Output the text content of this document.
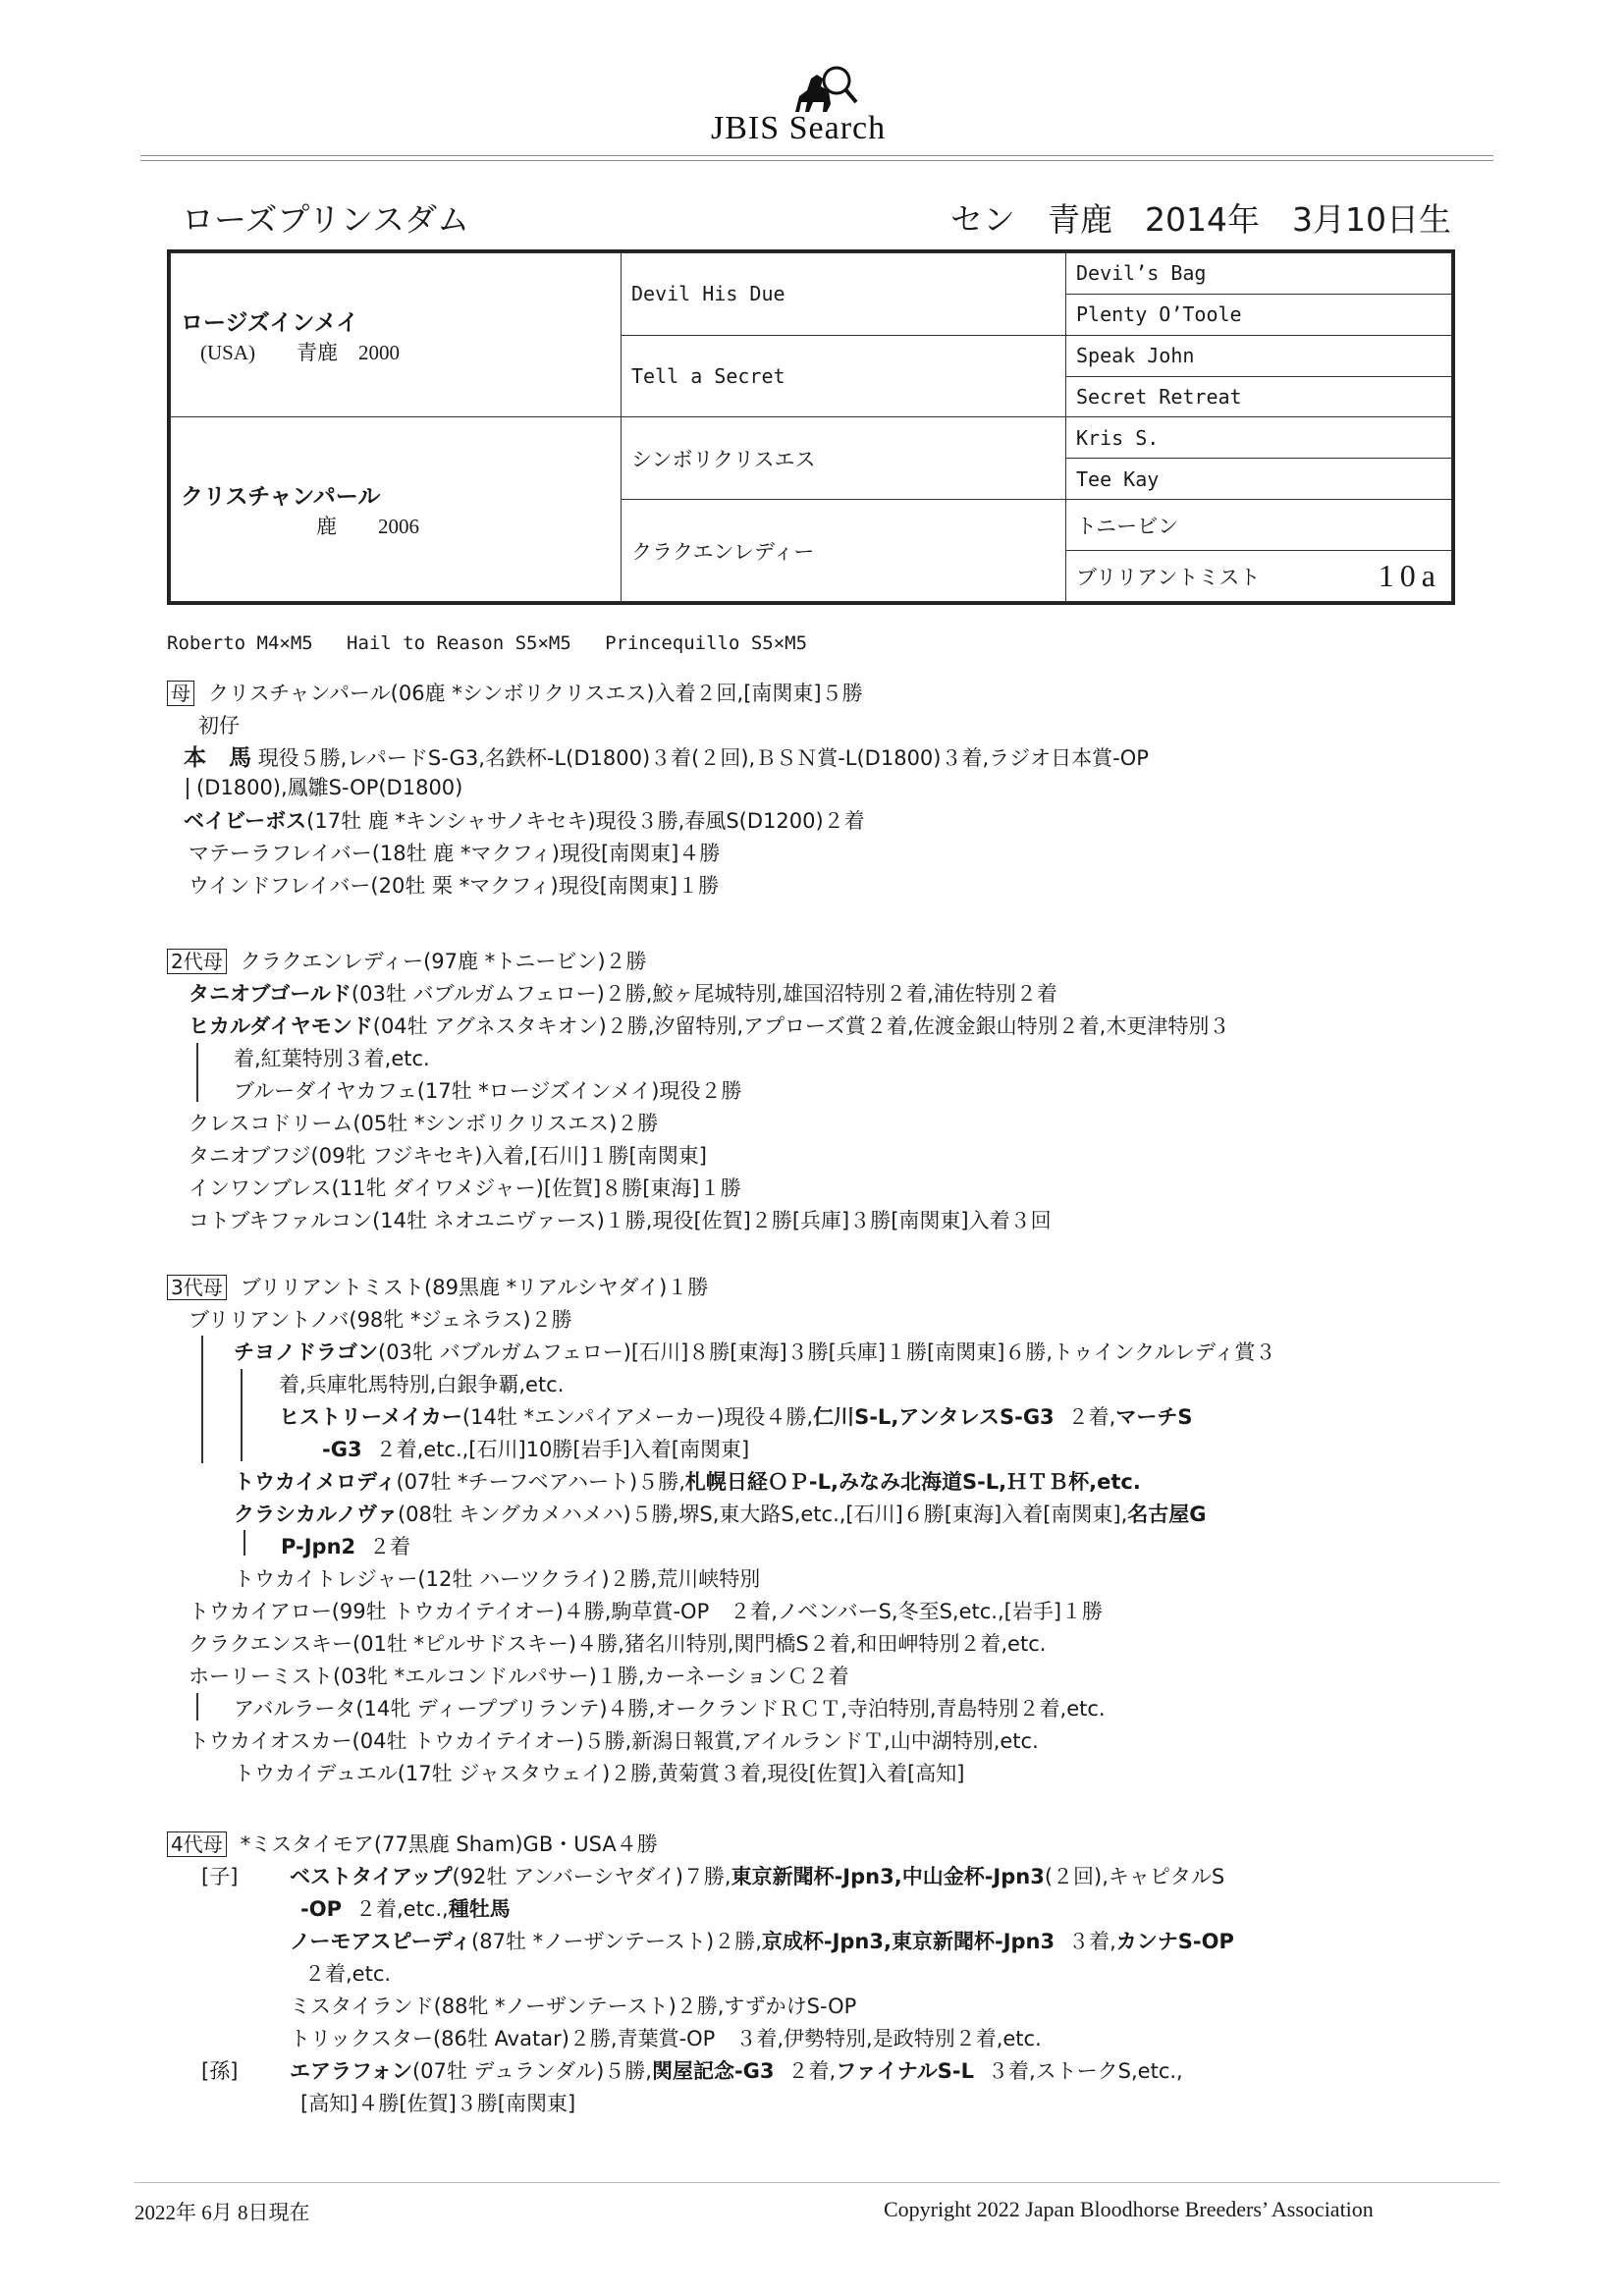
JBIS Search
ローズプリンスダム	セン　青鹿　2014年　3月10日生
ロージズインメイ
(USA)　　青鹿　2000	Devil His Due	Devil’s Bag
		Plenty O’Toole
	Tell a Secret	Speak John
		Secret Retreat

クリスチャンパール
鹿　　2006	シンボリクリスエス	Kris S.
		Tee Kay
	クラクエンレディー	トニービン
		ブリリアントミスト 10a
Roberto M4×M5   Hail to Reason S5×M5   Princequillo S5×M5
母 クリスチャンパール(06鹿 *シンボリクリスエス)入着２回,[南関東]５勝
初仔
本　馬 現役５勝,レパードS-G3,名鉄杯-L(D1800)３着(２回),ＢＳＮ賞-L(D1800)３着,ラジオ日本賞-OP
(D1800),鳳雛S-OP(D1800)
ベイビーボス(17牡 鹿 *キンシャサノキセキ)現役３勝,春風S(D1200)２着
マテーラフレイバー(18牡 鹿 *マクフィ)現役[南関東]４勝
ウインドフレイバー(20牡 栗 *マクフィ)現役[南関東]１勝
2代母 クラクエンレディー(97鹿 *トニービン)２勝
タニオブゴールド(03牡 バブルガムフェロー)２勝,鮫ヶ尾城特別,雄国沼特別２着,浦佐特別２着
ヒカルダイヤモンド(04牡 アグネスタキオン)２勝,汐留特別,アプローズ賞２着,佐渡金銀山特別２着,木更津特別３
着,紅葉特別３着,etc.
ブルーダイヤカフェ(17牡 *ロージズインメイ)現役２勝
クレスコドリーム(05牡 *シンボリクリスエス)２勝
タニオブフジ(09牝 フジキセキ)入着,[石川]１勝[南関東]
インワンブレス(11牝 ダイワメジャー)[佐賀]８勝[東海]１勝
コトブキファルコン(14牡 ネオユニヴァース)１勝,現役[佐賀]２勝[兵庫]３勝[南関東]入着３回
3代母 ブリリアントミスト(89黒鹿 *リアルシヤダイ)１勝
ブリリアントノバ(98牝 *ジェネラス)２勝
チヨノドラゴン(03牝 バブルガムフェロー)[石川]８勝[東海]３勝[兵庫]１勝[南関東]６勝,トゥインクルレディ賞３
着,兵庫牝馬特別,白銀争覇,etc.
ヒストリーメイカー(14牡 *エンパイアメーカー)現役４勝,仁川S-L,アンタレスS-G3 ２着,マーチS
-G3 ２着,etc.,[石川]10勝[岩手]入着[南関東]
トウカイメロディ(07牡 *チーフベアハート)５勝,札幌日経ＯＰ-L,みなみ北海道S-L,ＨＴＢ杯,etc.
クラシカルノヴァ(08牡 キングカメハメハ)５勝,堺S,東大路S,etc.,[石川]６勝[東海]入着[南関東],名古屋G
P-Jpn2 ２着
トウカイトレジャー(12牡 ハーツクライ)２勝,荒川峡特別
トウカイアロー(99牡 トウカイテイオー)４勝,駒草賞-OP　２着,ノベンバーS,冬至S,etc.,[岩手]１勝
クラクエンスキー(01牡 *ピルサドスキー)４勝,猪名川特別,関門橋S２着,和田岬特別２着,etc.
ホーリーミスト(03牝 *エルコンドルパサー)１勝,カーネーションＣ２着
アバルラータ(14牝 ディープブリランテ)４勝,オークランドＲＣＴ,寺泊特別,青島特別２着,etc.
トウカイオスカー(04牡 トウカイテイオー)５勝,新潟日報賞,アイルランドＴ,山中湖特別,etc.
トウカイデュエル(17牡 ジャスタウェイ)２勝,黄菊賞３着,現役[佐賀]入着[高知]
4代母 *ミスタイモア(77黒鹿 Sham)GB・USA４勝
[子]	ベストタイアップ(92牡 アンバーシヤダイ)７勝,東京新聞杯-Jpn3,中山金杯-Jpn3(２回),キャピタルS
-OP ２着,etc.,種牡馬
ノーモアスピーディ(87牡 *ノーザンテースト)２勝,京成杯-Jpn3,東京新聞杯-Jpn3 ３着,カンナS-OP
２着,etc.
ミスタイランド(88牝 *ノーザンテースト)２勝,すずかけS-OP
トリックスター(86牡 Avatar)２勝,青葉賞-OP　３着,伊勢特別,是政特別２着,etc.
[孫]	エアラフォン(07牡 デュランダル)５勝,関屋記念-G3 ２着,ファイナルS-L ３着,ストークS,etc.,
[高知]４勝[佐賀]３勝[南関東]
2022年 6月 8日現在	Copyright 2022 Japan Bloodhorse Breeders’ Association
